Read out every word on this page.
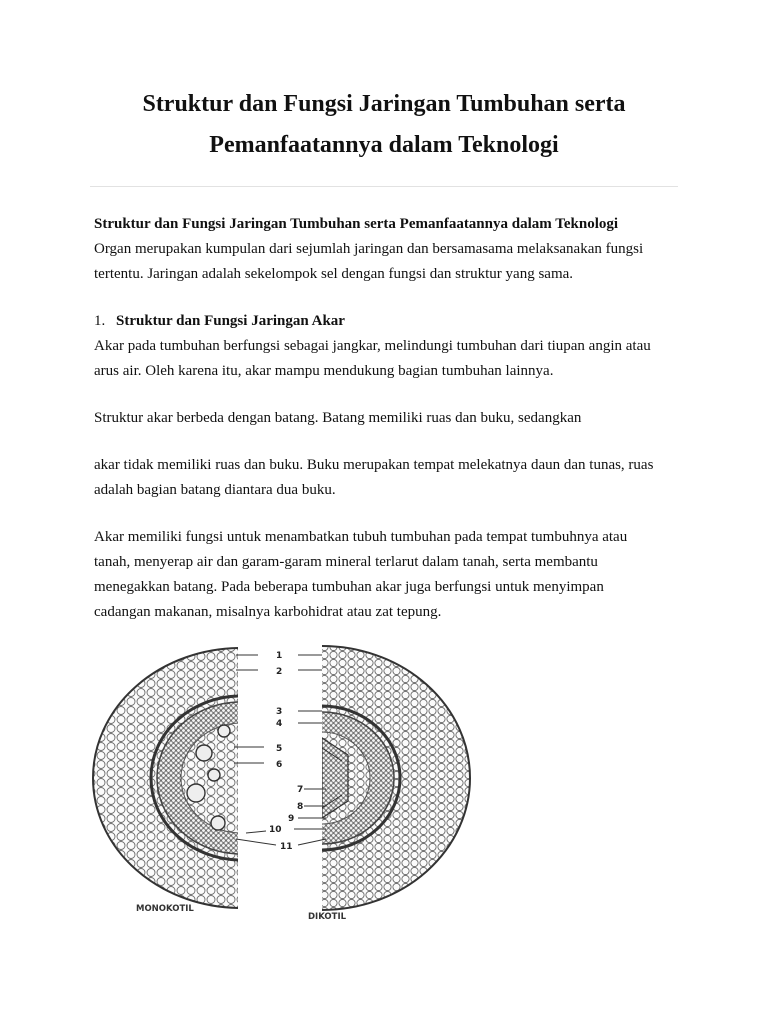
Struktur dan Fungsi Jaringan Tumbuhan serta
Pemanfaatannya dalam Teknologi

Struktur dan Fungsi Jaringan Tumbuhan serta Pemanfaatannya dalam Teknologi

Organ merupakan kumpulan dari sejumlah jaringan dan bersamasama melaksanakan fungsi

tertentu. Jaringan adalah sekelompok sel dengan fungsi dan struktur yang sama.

1. Struktur dan Fungsi Jaringan Akar

Akar pada tumbuhan berfungsi sebagai jangkar, melindungi tumbuhan dari tiupan angin atau

arus air. Oleh karena itu, akar mampu mendukung bagian tumbuhan lainnya.

Struktur akar berbeda dengan batang. Batang memiliki ruas dan buku, sedangkan

akar tidak memiliki ruas dan buku. Buku merupakan tempat melekatnya daun dan tunas, ruas

adalah bagian batang diantara dua buku.

Akar memiliki fungsi untuk menambatkan tubuh tumbuhan pada tempat tumbuhnya atau

tanah, menyerap air dan garam-garam mineral terlarut dalam tanah, serta membantu

menegakkan batang. Pada beberapa tumbuhan akar juga berfungsi untuk menyimpan

cadangan makanan, misalnya karbohidrat atau zat tepung.

1
2
3
4
5
6
7
8
9
10
11
MONOKOTIL
DIKOTIL
